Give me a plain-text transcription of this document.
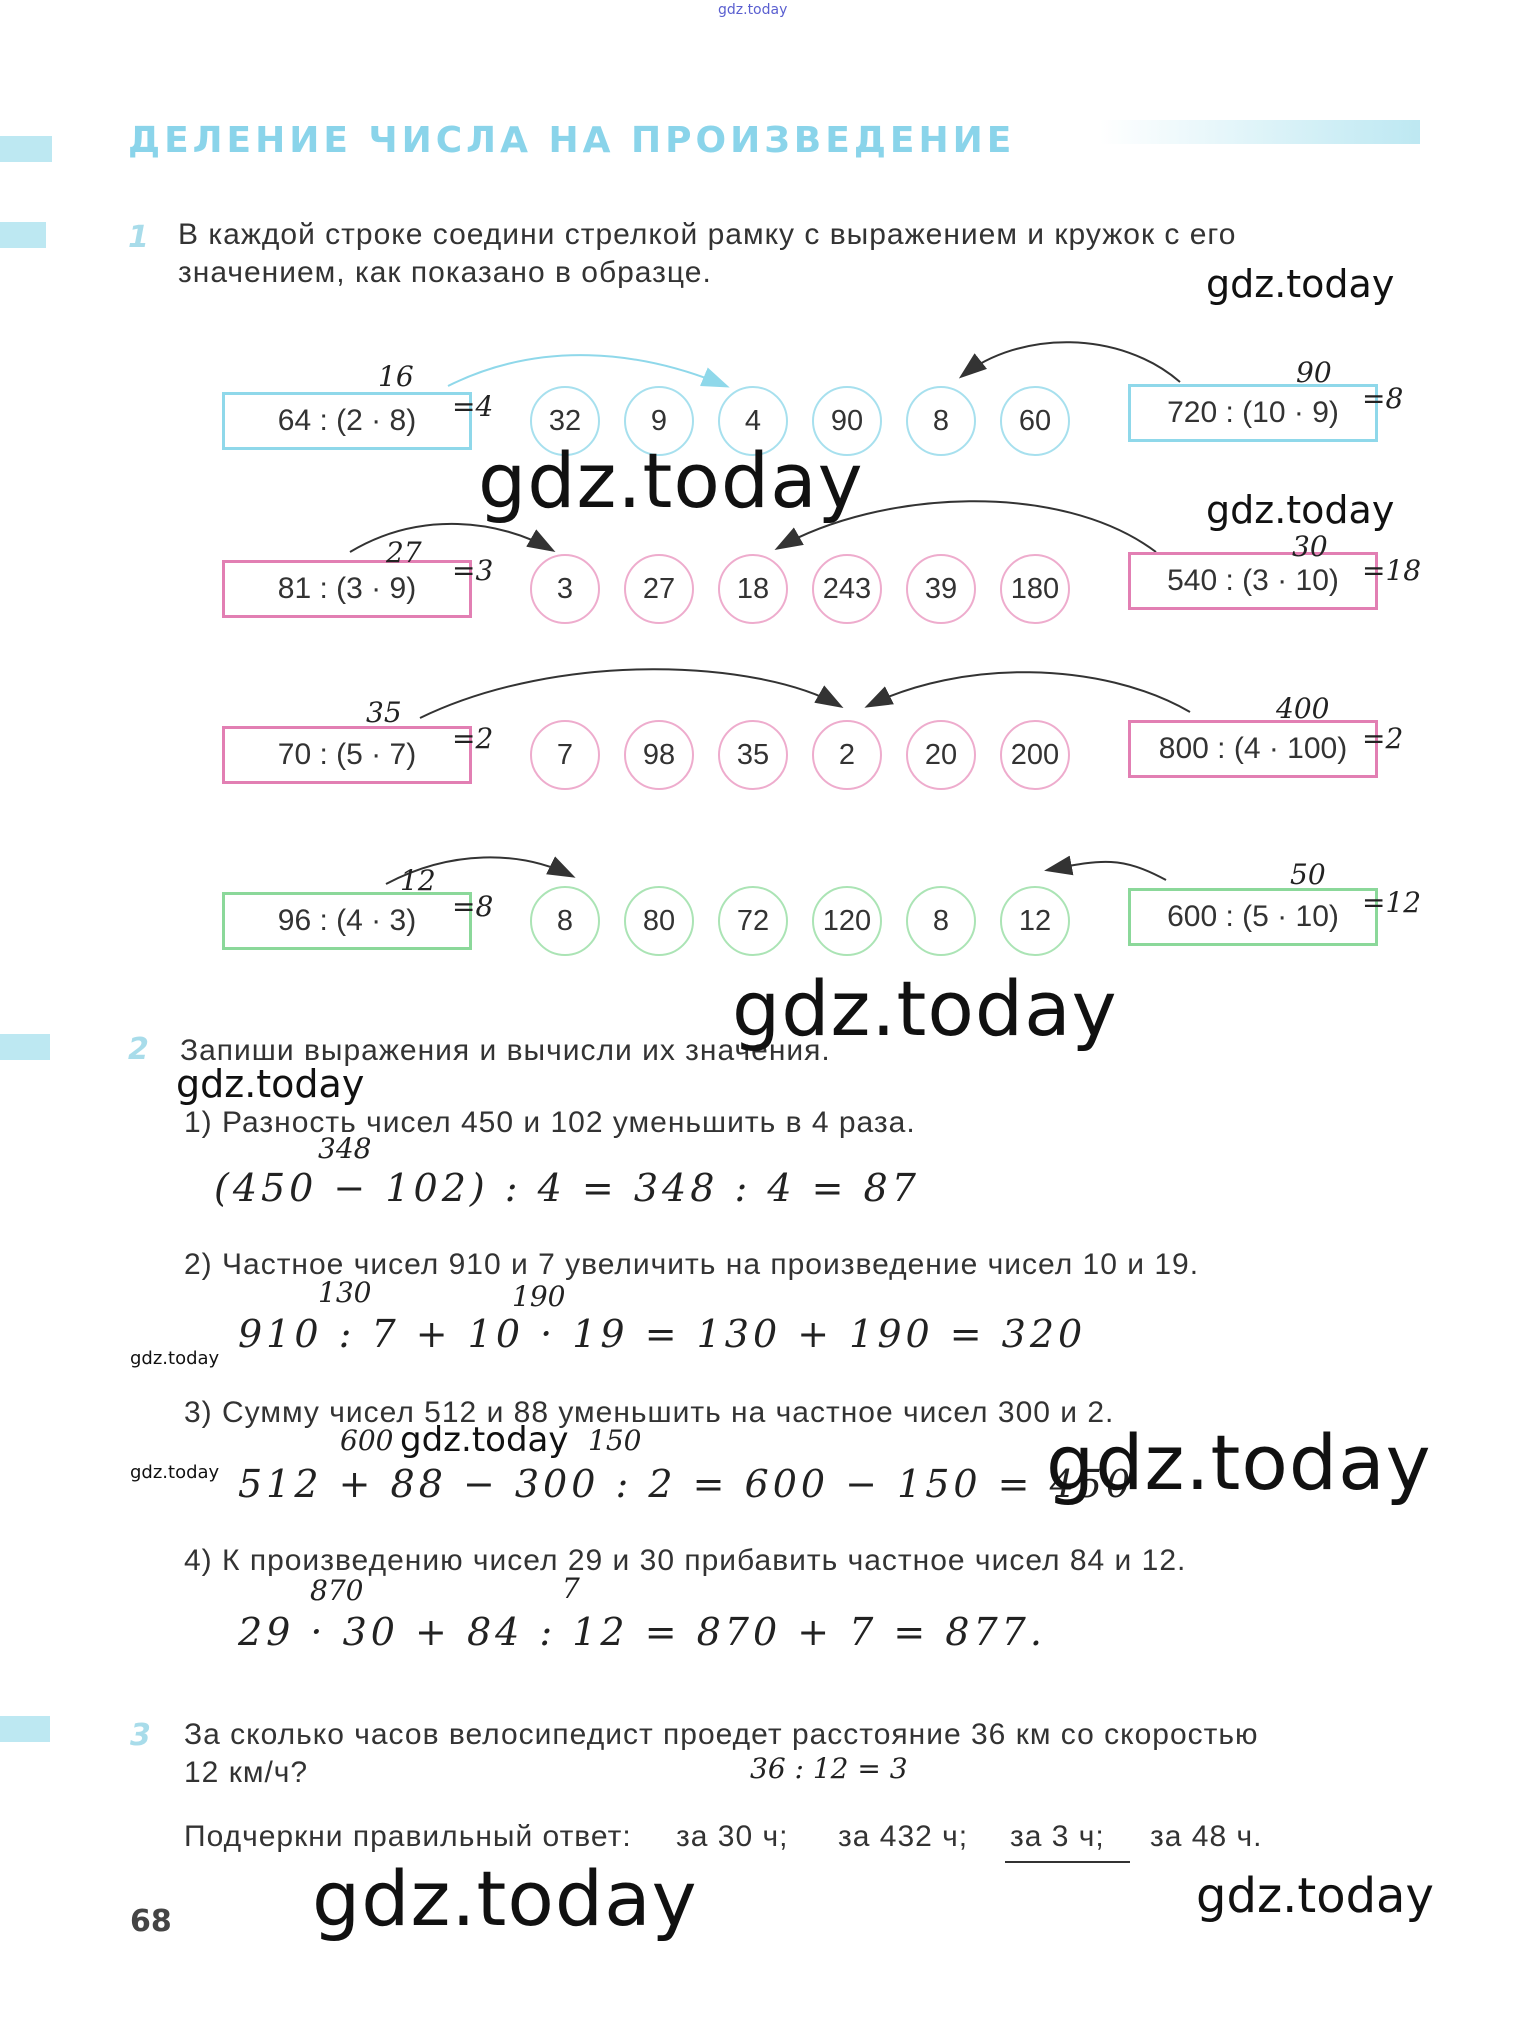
gdz.today
ДЕЛЕНИЕ ЧИСЛА НА ПРОИЗВЕДЕНИЕ
1 В каждой строке соедини стрелкой рамку с выражением и кружок с его
значением, как показано в образце.
64 : (2 · 8)
16
=4	32	9	4	90	8	60	720 : (10 · 9)
90
=8
81 : (3 · 9)
27
=3
3	27	18	243	39	180	540 : (3 · 10)
30
=18
70 : (5 · 7)
35
=2	7	98	35	2	20	200	800 : (4 · 100)
400
=2
96 : (4 · 3)
12
=8	8	80	72	120	8	12	600 : (5 · 10)
50
=12
2 Запиши выражения и вычисли их значения.
1) Разность чисел 450 и 102 уменьшить в 4 раза.
348
(450 − 102) : 4 = 348 : 4 = 87
2) Частное чисел 910 и 7 увеличить на произведение чисел 10 и 19.
130	190
910 : 7 + 10 · 19 = 130 + 190 = 320
3) Сумму чисел 512 и 88 уменьшить на частное чисел 300 и 2.
600	150
512 + 88 − 300 : 2 = 600 − 150 = 450
4) К произведению чисел 29 и 30 прибавить частное чисел 84 и 12.
870	7
29 · 30 + 84 : 12 = 870 + 7 = 877.
3 За сколько часов велосипедист проедет расстояние 36 км со скоростью
12 км/ч?	36 : 12 = 3
Подчеркни правильный ответ: за 30 ч; за 432 ч; за 3 ч; за 48 ч.
68
gdz.today
gdz.today	gdz.today
gdz.today
gdz.today
gdz.today
gdz.today
gdz.today	gdz.today
gdz.today	gdz.today
